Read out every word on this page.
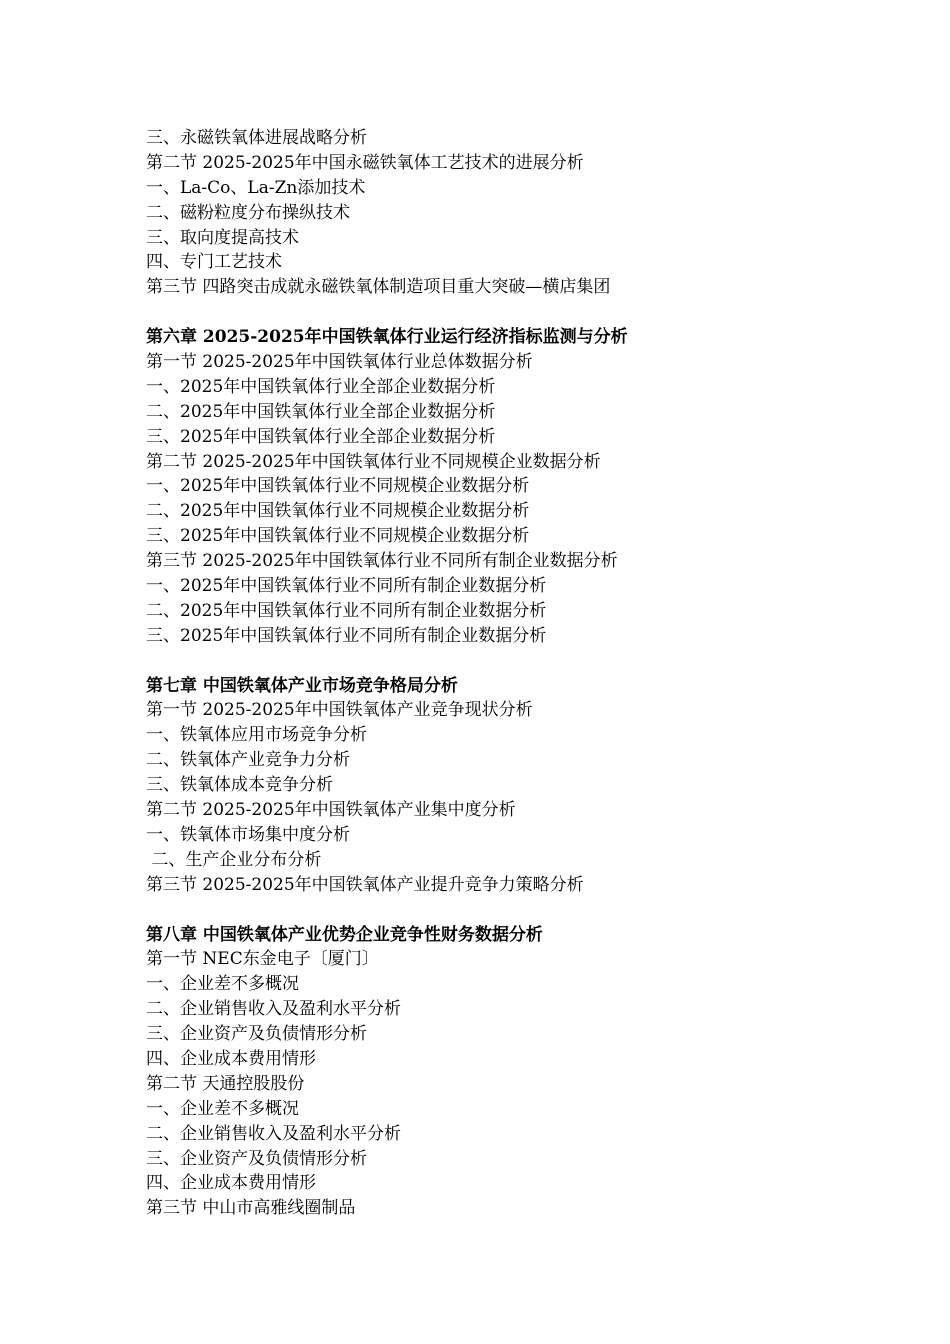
三、永磁铁氧体进展战略分析
第二节 2025-2025年中国永磁铁氧体工艺技术的进展分析
一、La-Co、La-Zn添加技术
二、磁粉粒度分布操纵技术
三、取向度提高技术
四、专门工艺技术
第三节 四路突击成就永磁铁氧体制造项目重大突破—横店集团
第六章 2025-2025年中国铁氧体行业运行经济指标监测与分析
第一节 2025-2025年中国铁氧体行业总体数据分析
一、2025年中国铁氧体行业全部企业数据分析
二、2025年中国铁氧体行业全部企业数据分析
三、2025年中国铁氧体行业全部企业数据分析
第二节 2025-2025年中国铁氧体行业不同规模企业数据分析
一、2025年中国铁氧体行业不同规模企业数据分析
二、2025年中国铁氧体行业不同规模企业数据分析
三、2025年中国铁氧体行业不同规模企业数据分析
第三节 2025-2025年中国铁氧体行业不同所有制企业数据分析
一、2025年中国铁氧体行业不同所有制企业数据分析
二、2025年中国铁氧体行业不同所有制企业数据分析
三、2025年中国铁氧体行业不同所有制企业数据分析
第七章 中国铁氧体产业市场竞争格局分析
第一节 2025-2025年中国铁氧体产业竞争现状分析
一、铁氧体应用市场竞争分析
二、铁氧体产业竞争力分析
三、铁氧体成本竞争分析
第二节 2025-2025年中国铁氧体产业集中度分析
一、铁氧体市场集中度分析
二、生产企业分布分析
第三节 2025-2025年中国铁氧体产业提升竞争力策略分析
第八章 中国铁氧体产业优势企业竞争性财务数据分析
第一节 NEC东金电子〔厦门〕
一、企业差不多概况
二、企业销售收入及盈利水平分析
三、企业资产及负债情形分析
四、企业成本费用情形
第二节 天通控股股份
一、企业差不多概况
二、企业销售收入及盈利水平分析
三、企业资产及负债情形分析
四、企业成本费用情形
第三节 中山市高雅线圈制品
